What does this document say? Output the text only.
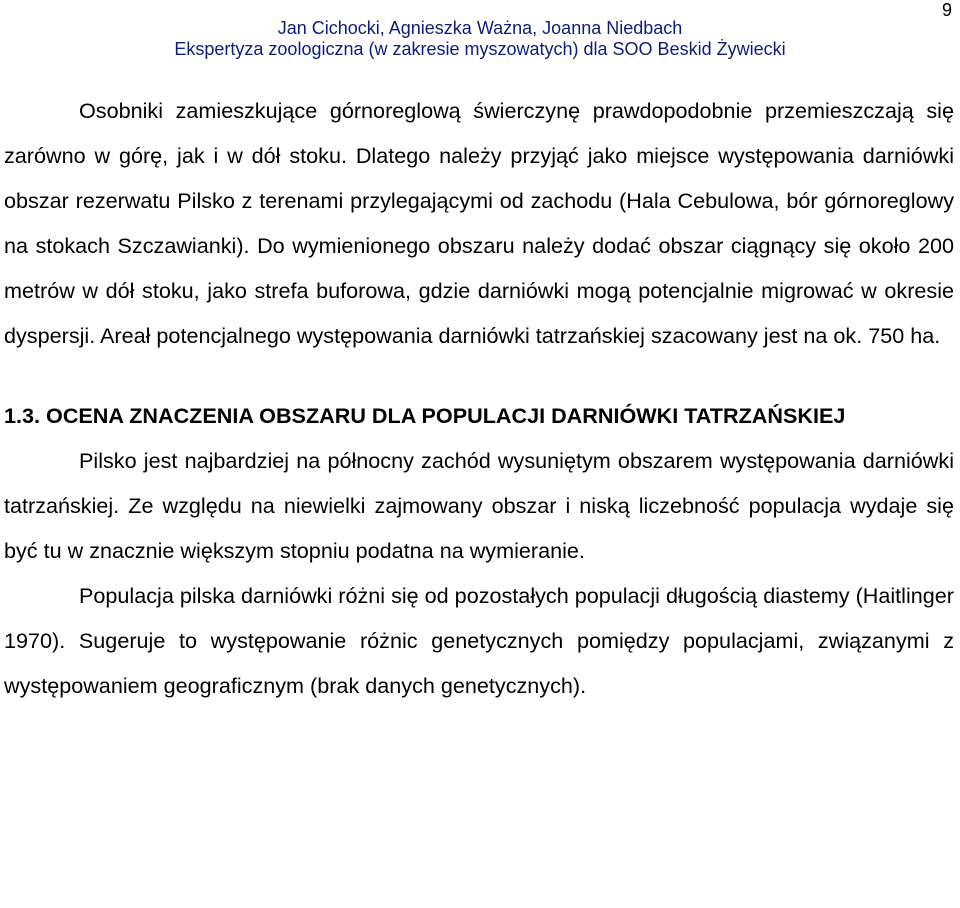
9
Jan Cichocki, Agnieszka Ważna, Joanna Niedbach
Ekspertyza zoologiczna (w zakresie myszowatych) dla SOO Beskid Żywiecki

Osobniki zamieszkujące górnoreglową świerczynę prawdopodobnie przemieszczają się zarówno w górę, jak i w dół stoku. Dlatego należy przyjąć jako miejsce występowania darniówki obszar rezerwatu Pilsko z terenami przylegającymi od zachodu (Hala Cebulowa, bór górnoreglowy na stokach Szczawianki). Do wymienionego obszaru należy dodać obszar ciągnący się około 200 metrów w dół stoku, jako strefa buforowa, gdzie darniówki mogą potencjalnie migrować w okresie dyspersji. Areał potencjalnego występowania darniówki tatrzańskiej szacowany jest na ok. 750 ha.

1.3. OCENA ZNACZENIA OBSZARU DLA POPULACJI DARNIÓWKI TATRZAŃSKIEJ

Pilsko jest najbardziej na północny zachód wysuniętym obszarem występowania darniówki tatrzańskiej. Ze względu na niewielki zajmowany obszar i niską liczebność populacja wydaje się być tu w znacznie większym stopniu podatna na wymieranie.

Populacja pilska darniówki różni się od pozostałych populacji długością diastemy (Haitlinger 1970). Sugeruje to występowanie różnic genetycznych pomiędzy populacjami, związanymi z występowaniem geograficznym (brak danych genetycznych).
